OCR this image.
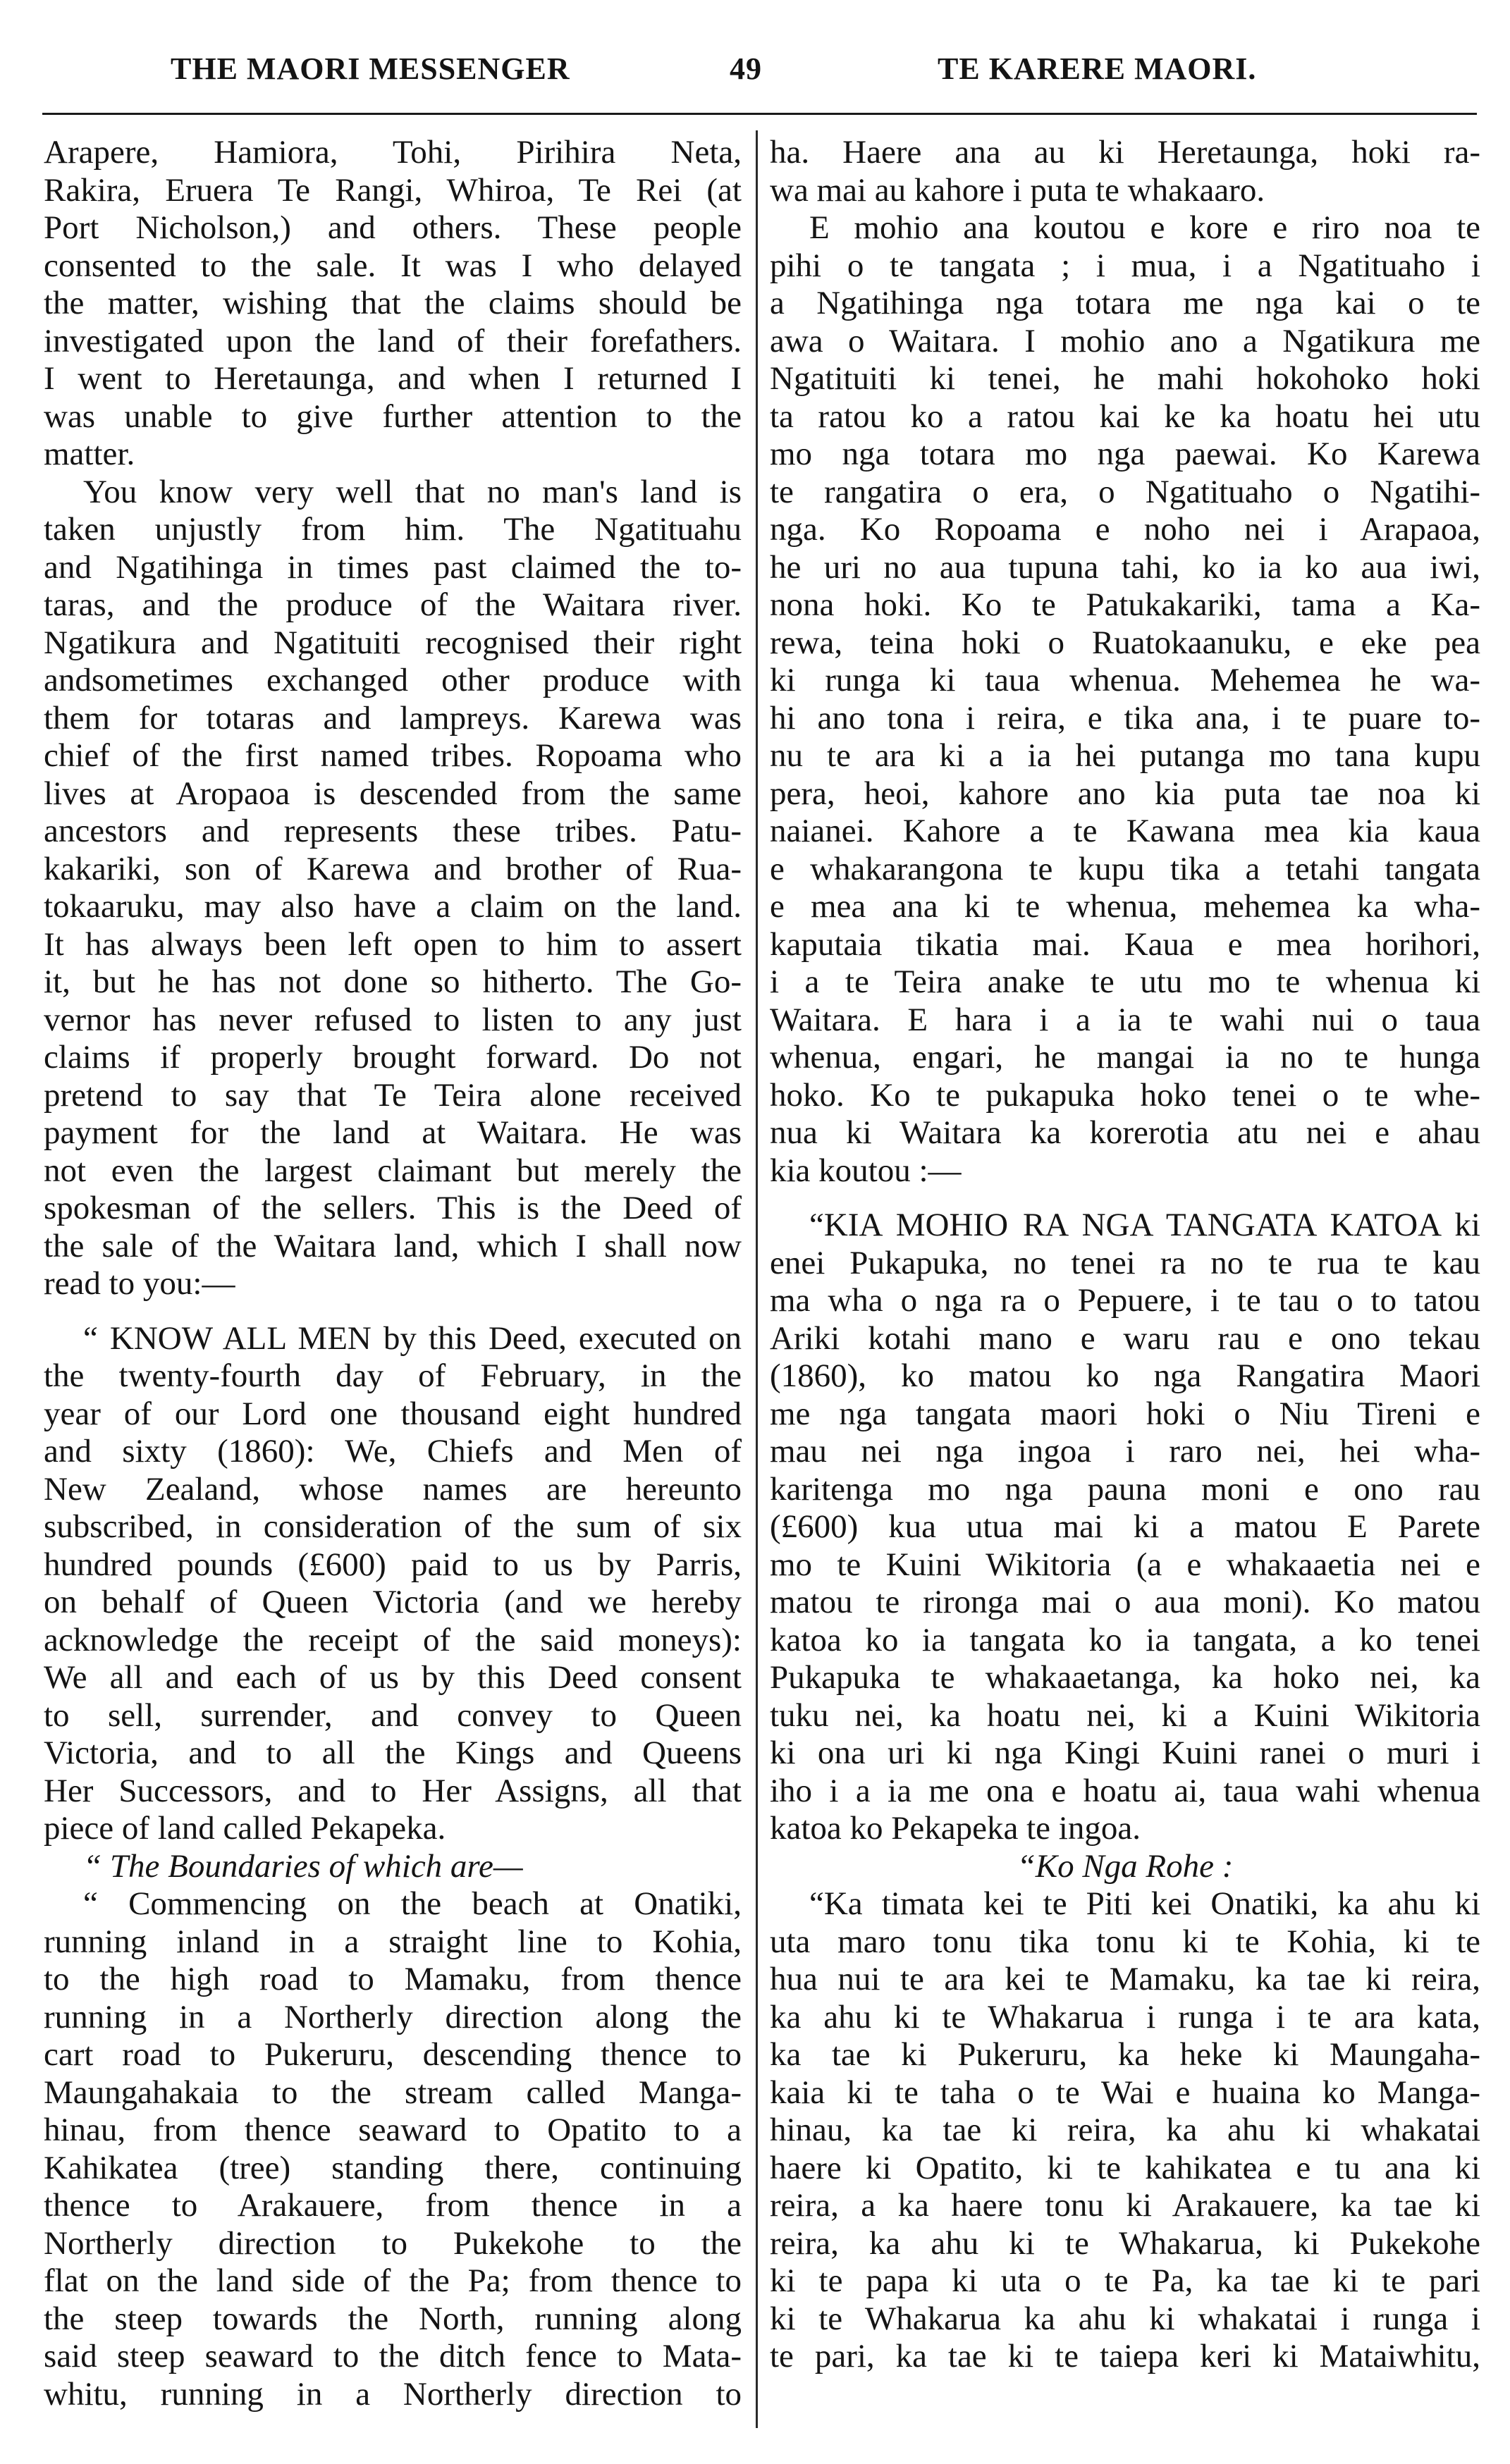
THE MAORI MESSENGER	49	TE KARERE MAORI.
Arapere, Hamiora, Tohi, Pirihira Neta,
Rakira, Eruera Te Rangi, Whiroa, Te Rei (at
Port Nicholson,) and others. These people
consented to the sale. It was I who delayed
the matter, wishing that the claims should be
investigated upon the land of their forefathers.
I went to Heretaunga, and when I returned I
was unable to give further attention to the
matter.
You know very well that no man's land is
taken unjustly from him. The Ngatituahu
and Ngatihinga in times past claimed the to-
taras, and the produce of the Waitara river.
Ngatikura and Ngatituiti recognised their right
andsometimes exchanged other produce with
them for totaras and lampreys. Karewa was
chief of the first named tribes. Ropoama who
lives at Aropaoa is descended from the same
ancestors and represents these tribes. Patu-
kakariki, son of Karewa and brother of Rua-
tokaaruku, may also have a claim on the land.
It has always been left open to him to assert
it, but he has not done so hitherto. The Go-
vernor has never refused to listen to any just
claims if properly brought forward. Do not
pretend to say that Te Teira alone received
payment for the land at Waitara. He was
not even the largest claimant but merely the
spokesman of the sellers. This is the Deed of
the sale of the Waitara land, which I shall now
read to you:—
“ KNOW ALL MEN by this Deed, executed on
the twenty-fourth day of February, in the
year of our Lord one thousand eight hundred
and sixty (1860): We, Chiefs and Men of
New Zealand, whose names are hereunto
subscribed, in consideration of the sum of six
hundred pounds (£600) paid to us by Parris,
on behalf of Queen Victoria (and we hereby
acknowledge the receipt of the said moneys):
We all and each of us by this Deed consent
to sell, surrender, and convey to Queen
Victoria, and to all the Kings and Queens
Her Successors, and to Her Assigns, all that
piece of land called Pekapeka.
“ The Boundaries of which are—
“ Commencing on the beach at Onatiki,
running inland in a straight line to Kohia,
to the high road to Mamaku, from thence
running in a Northerly direction along the
cart road to Pukeruru, descending thence to
Maungahakaia to the stream called Manga-
hinau, from thence seaward to Opatito to a
Kahikatea (tree) standing there, continuing
thence to Arakauere, from thence in a
Northerly direction to Pukekohe to the
flat on the land side of the Pa; from thence to
the steep towards the North, running along
said steep seaward to the ditch fence to Mata-
whitu, running in a Northerly direction to
ha. Haere ana au ki Heretaunga, hoki ra-
wa mai au kahore i puta te whakaaro.
E mohio ana koutou e kore e riro noa te
pihi o te tangata ; i mua, i a Ngatituaho i
a Ngatihinga nga totara me nga kai o te
awa o Waitara. I mohio ano a Ngatikura me
Ngatituiti ki tenei, he mahi hokohoko hoki
ta ratou ko a ratou kai ke ka hoatu hei utu
mo nga totara mo nga paewai. Ko Karewa
te rangatira o era, o Ngatituaho o Ngatihi-
nga. Ko Ropoama e noho nei i Arapaoa,
he uri no aua tupuna tahi, ko ia ko aua iwi,
nona hoki. Ko te Patukakariki, tama a Ka-
rewa, teina hoki o Ruatokaanuku, e eke pea
ki runga ki taua whenua. Mehemea he wa-
hi ano tona i reira, e tika ana, i te puare to-
nu te ara ki a ia hei putanga mo tana kupu
pera, heoi, kahore ano kia puta tae noa ki
naianei. Kahore a te Kawana mea kia kaua
e whakarangona te kupu tika a tetahi tangata
e mea ana ki te whenua, mehemea ka wha-
kaputaia tikatia mai. Kaua e mea horihori,
i a te Teira anake te utu mo te whenua ki
Waitara. E hara i a ia te wahi nui o taua
whenua, engari, he mangai ia no te hunga
hoko. Ko te pukapuka hoko tenei o te whe-
nua ki Waitara ka korerotia atu nei e ahau
kia koutou :—
“KIA MOHIO RA NGA TANGATA KATOA ki
enei Pukapuka, no tenei ra no te rua te kau
ma wha o nga ra o Pepuere, i te tau o to tatou
Ariki kotahi mano e waru rau e ono tekau
(1860), ko matou ko nga Rangatira Maori
me nga tangata maori hoki o Niu Tireni e
mau nei nga ingoa i raro nei, hei wha-
karitenga mo nga pauna moni e ono rau
(£600) kua utua mai ki a matou E Parete
mo te Kuini Wikitoria (a e whakaaetia nei e
matou te rironga mai o aua moni). Ko matou
katoa ko ia tangata ko ia tangata, a ko tenei
Pukapuka te whakaaetanga, ka hoko nei, ka
tuku nei, ka hoatu nei, ki a Kuini Wikitoria
ki ona uri ki nga Kingi Kuini ranei o muri i
iho i a ia me ona e hoatu ai, taua wahi whenua
katoa ko Pekapeka te ingoa.
“Ko Nga Rohe :
“Ka timata kei te Piti kei Onatiki, ka ahu ki
uta maro tonu tika tonu ki te Kohia, ki te
hua nui te ara kei te Mamaku, ka tae ki reira,
ka ahu ki te Whakarua i runga i te ara kata,
ka tae ki Pukeruru, ka heke ki Maungaha-
kaia ki te taha o te Wai e huaina ko Manga-
hinau, ka tae ki reira, ka ahu ki whakatai
haere ki Opatito, ki te kahikatea e tu ana ki
reira, a ka haere tonu ki Arakauere, ka tae ki
reira, ka ahu ki te Whakarua, ki Pukekohe
ki te papa ki uta o te Pa, ka tae ki te pari
ki te Whakarua ka ahu ki whakatai i runga i
te pari, ka tae ki te taiepa keri ki Mataiwhitu,
